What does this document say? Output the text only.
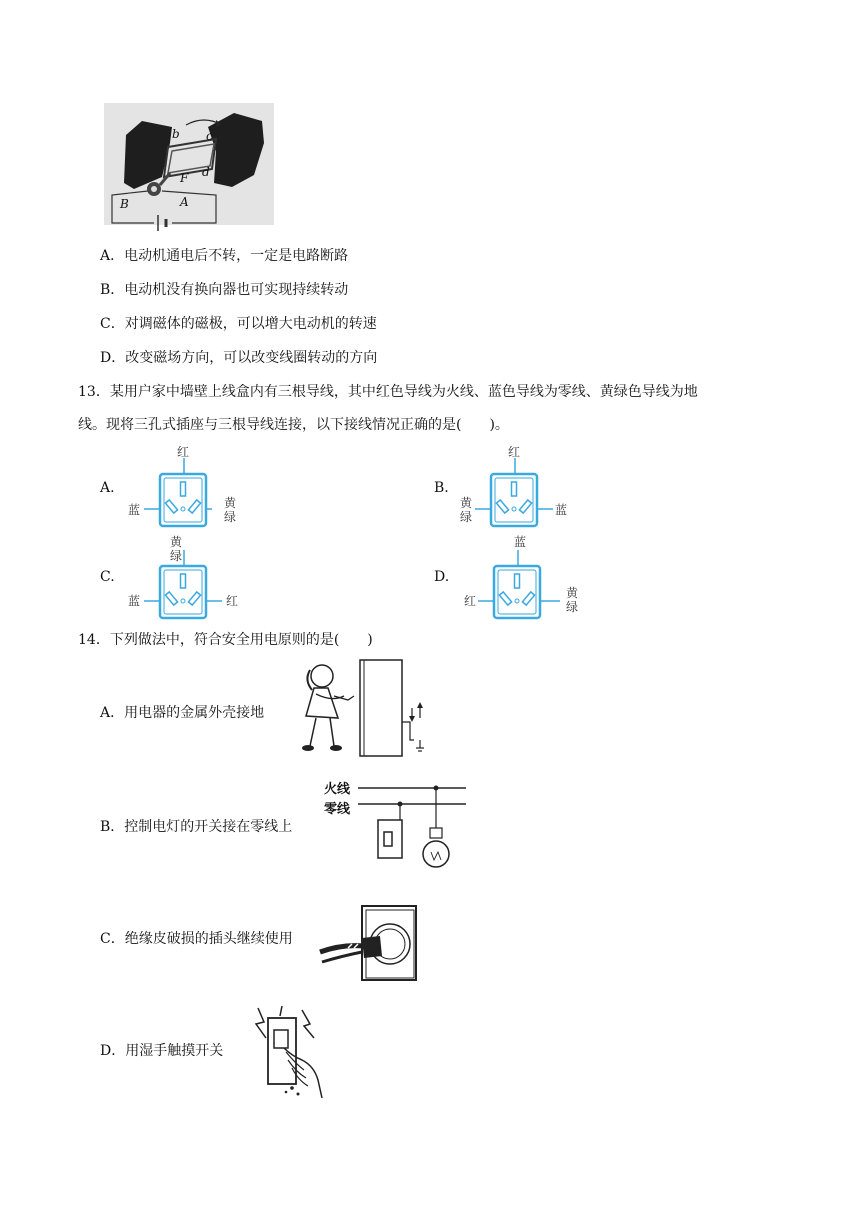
b c
d
F
A
B
A．电动机通电后不转，一定是电路断路
B．电动机没有换向器也可实现持续转动
C．对调磁体的磁极，可以增大电动机的转速
D．改变磁场方向，可以改变线圈转动的方向
13．某用户家中墙壁上线盒内有三根导线，其中红色导线为火线、蓝色导线为零线、黄绿色导线为地
线。现将三孔式插座与三根导线连接，以下接线情况正确的是(　　)。
A.
红
蓝	黄绿
B.
红
黄绿	蓝
C.
黄绿
蓝	红
D.
蓝
红
黄绿
14．下列做法中，符合安全用电原则的是(　　)
A．用电器的金属外壳接地
B．控制电灯的开关接在零线上
火线
零线
C．绝缘皮破损的插头继续使用
D．用湿手触摸开关
